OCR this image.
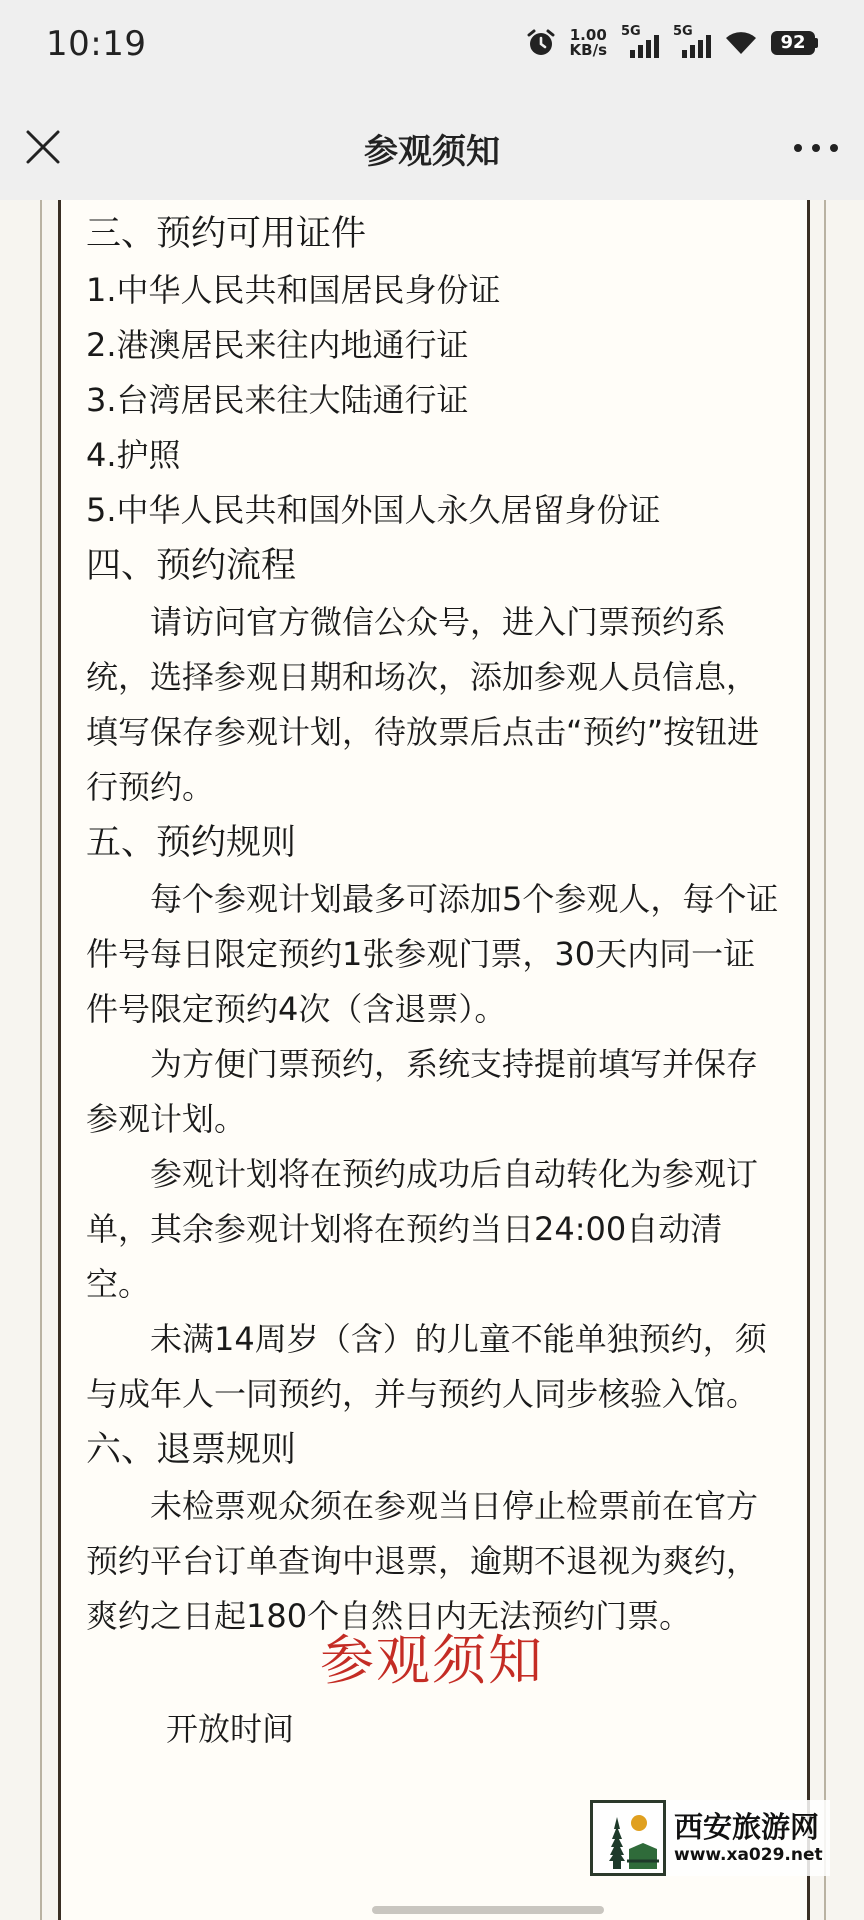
10:19	1.00
KB/s
5G 5G
92
参观须知

三、预约可用证件

1.中华人民共和国居民身份证

2.港澳居民来往内地通行证

3.台湾居民来往大陆通行证

4.护照

5.中华人民共和国外国人永久居留身份证

四、预约流程

请访问官方微信公众号，进入门票预约系统，选择参观日期和场次，添加参观人员信息，填写保存参观计划，待放票后点击“预约”按钮进行预约。

五、预约规则

每个参观计划最多可添加5个参观人，每个证件号每日限定预约1张参观门票，30天内同一证件号限定预约4次（含退票）。

为方便门票预约，系统支持提前填写并保存参观计划。

参观计划将在预约成功后自动转化为参观订单，其余参观计划将在预约当日24:00自动清空。

未满14周岁（含）的儿童不能单独预约，须与成年人一同预约，并与预约人同步核验入馆。

六、退票规则

未检票观众须在参观当日停止检票前在官方预约平台订单查询中退票，逾期不退视为爽约，爽约之日起180个自然日内无法预约门票。

参观须知
开放时间
西安旅游网
www.xa029.net
